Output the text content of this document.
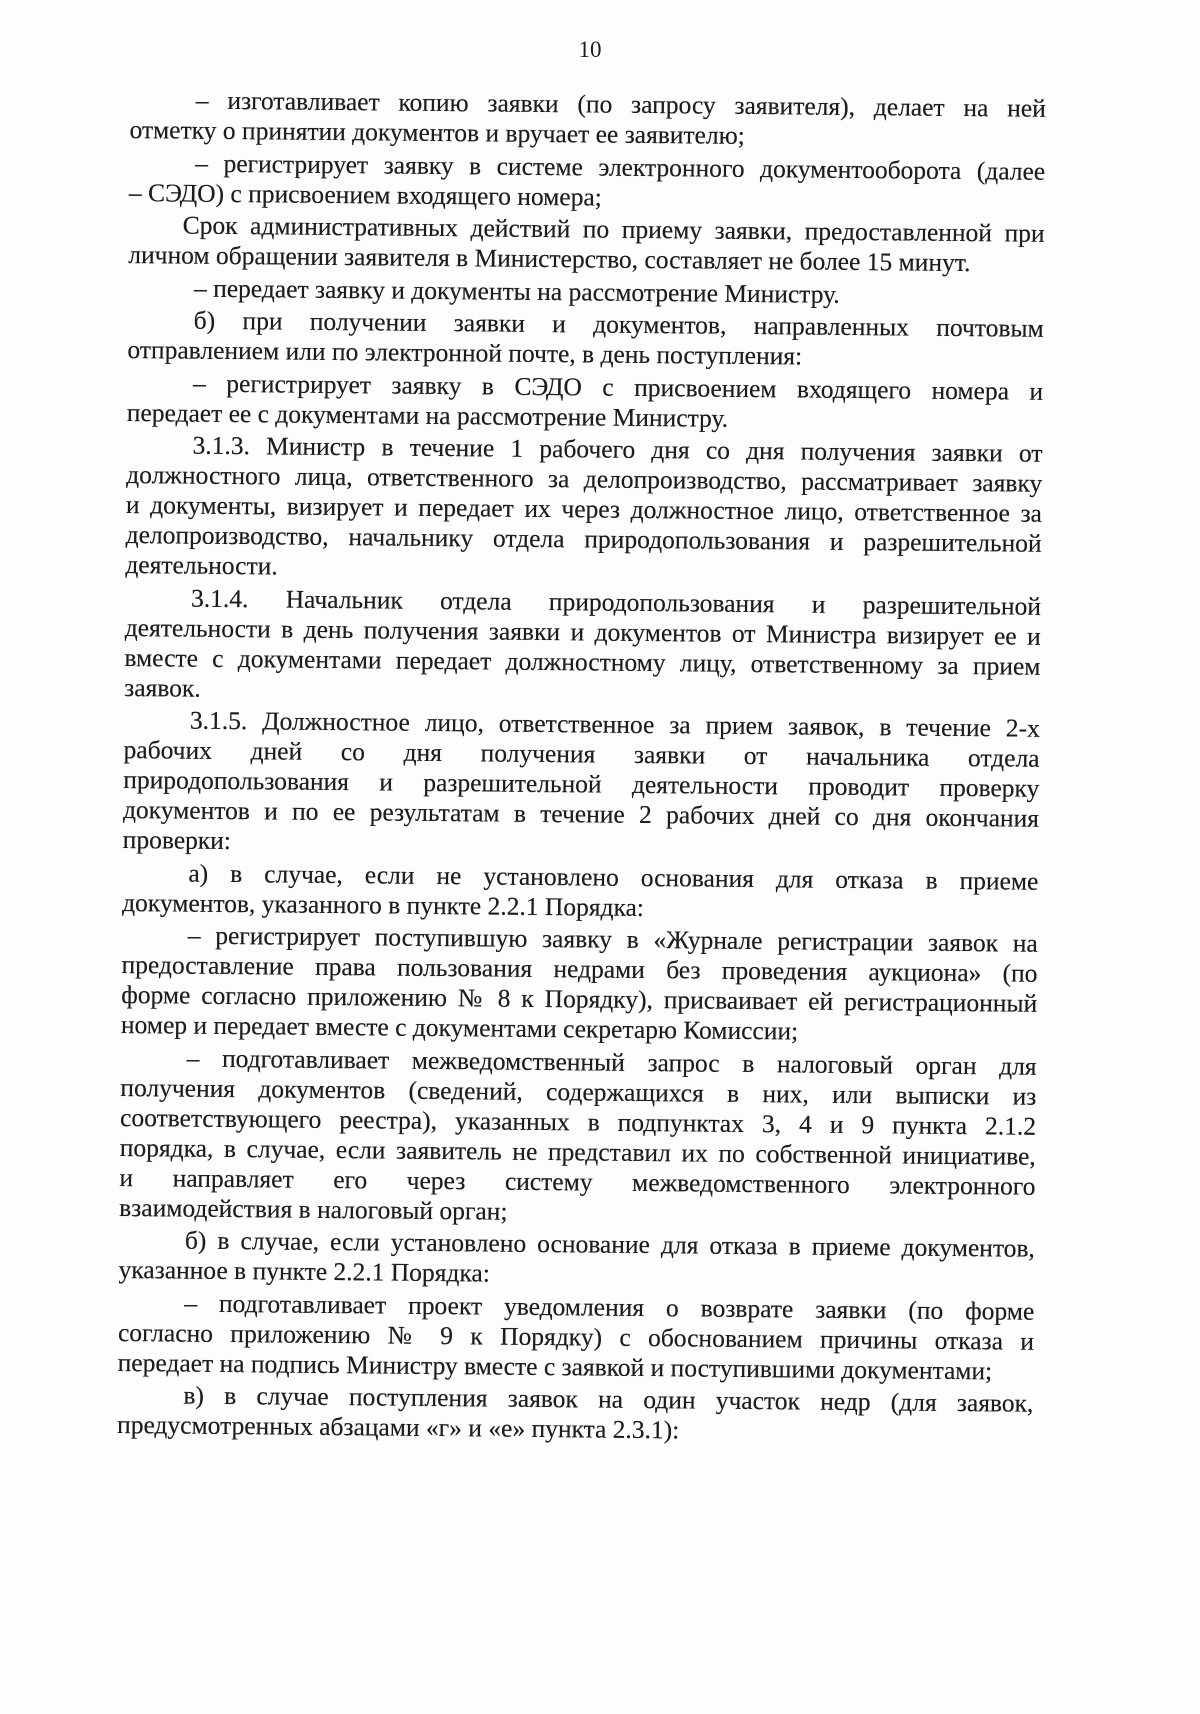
10
– изготавливает копию заявки (по запросу заявителя), делает на ней
отметку о принятии документов и вручает ее заявителю;
– регистрирует заявку в системе электронного документооборота (далее
– СЭДО) с присвоением входящего номера;
Срок административных действий по приему заявки, предоставленной при
личном обращении заявителя в Министерство, составляет не более 15 минут.
– передает заявку и документы на рассмотрение Министру.
б) при получении заявки и документов, направленных почтовым
отправлением или по электронной почте, в день поступления:
– регистрирует заявку в СЭДО с присвоением входящего номера и
передает ее с документами на рассмотрение Министру.
3.1.3. Министр в течение 1 рабочего дня со дня получения заявки от
должностного лица, ответственного за делопроизводство, рассматривает заявку
и документы, визирует и передает их через должностное лицо, ответственное за
делопроизводство, начальнику отдела природопользования и разрешительной
деятельности.
3.1.4. Начальник отдела природопользования и разрешительной
деятельности в день получения заявки и документов от Министра визирует ее и
вместе с документами передает должностному лицу, ответственному за прием
заявок.
3.1.5. Должностное лицо, ответственное за прием заявок, в течение 2-х
рабочих дней со дня получения заявки от начальника отдела
природопользования и разрешительной деятельности проводит проверку
документов и по ее результатам в течение 2 рабочих дней со дня окончания
проверки:
а) в случае, если не установлено основания для отказа в приеме
документов, указанного в пункте 2.2.1 Порядка:
– регистрирует поступившую заявку в «Журнале регистрации заявок на
предоставление права пользования недрами без проведения аукциона» (по
форме согласно приложению № 8 к Порядку), присваивает ей регистрационный
номер и передает вместе с документами секретарю Комиссии;
– подготавливает межведомственный запрос в налоговый орган для
получения документов (сведений, содержащихся в них, или выписки из
соответствующего реестра), указанных в подпунктах 3, 4 и 9 пункта 2.1.2
порядка, в случае, если заявитель не представил их по собственной инициативе,
и направляет его через систему межведомственного электронного
взаимодействия в налоговый орган;
б) в случае, если установлено основание для отказа в приеме документов,
указанное в пункте 2.2.1 Порядка:
– подготавливает проект уведомления о возврате заявки (по форме
согласно приложению № 9 к Порядку) с обоснованием причины отказа и
передает на подпись Министру вместе с заявкой и поступившими документами;
в) в случае поступления заявок на один участок недр (для заявок,
предусмотренных абзацами «г» и «е» пункта 2.3.1):
